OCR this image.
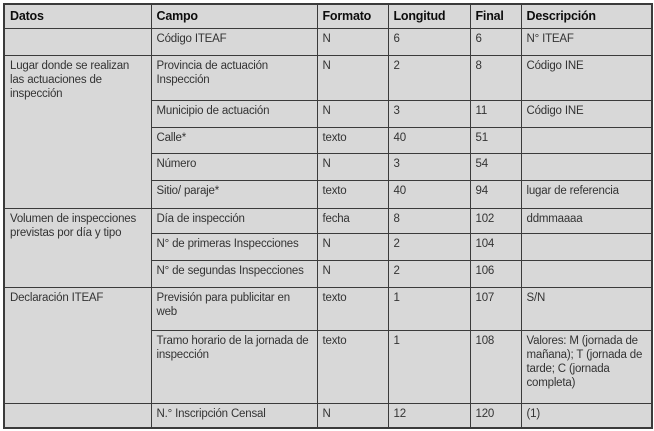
Datos	Campo	Formato	Longitud	Final	Descripción
	Código ITEAF	N	6	6	N° ITEAF
Lugar donde se realizan las actuaciones de inspección	Provincia de actuación Inspección	N	2	8	Código INE
	Municipio de actuación	N	3	11	Código INE
	Calle*	texto	40	51	
	Número	N	3	54	
	Sitio/ paraje*	texto	40	94	lugar de referencia
Volumen de inspecciones previstas por día y tipo	Día de inspección	fecha	8	102	ddmmaaaa
	N° de primeras Inspecciones	N	2	104	
	N° de segundas Inspecciones	N	2	106	
Declaración ITEAF	Previsión para publicitar en web	texto	1	107	S/N
	Tramo horario de la jornada de inspección	texto	1	108	Valores: M (jornada de mañana); T (jornada de tarde; C (jornada completa)
	N.° Inscripción Censal	N	12	120	(1)
